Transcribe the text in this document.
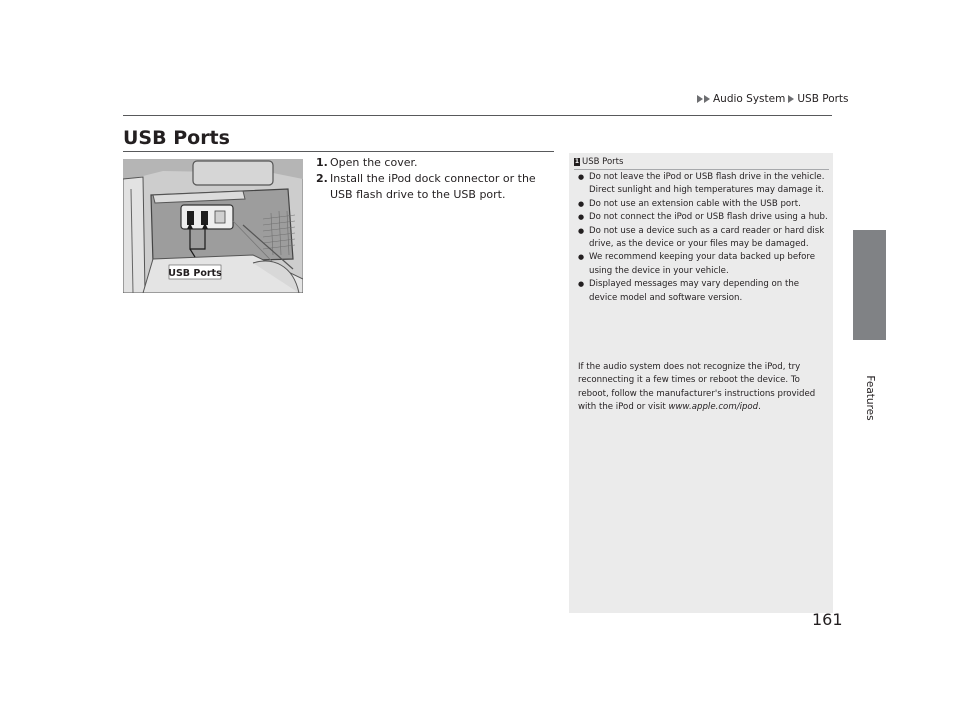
Audio System USB Ports
Features
USB Ports
USB Ports
1. Open the cover.
2. Install the iPod dock connector or the USB flash drive to the USB port.
1 USB Ports
● Do not leave the iPod or USB flash drive in the vehicle. Direct sunlight and high temperatures may damage it.
● Do not use an extension cable with the USB port.
● Do not connect the iPod or USB flash drive using a hub.
● Do not use a device such as a card reader or hard disk drive, as the device or your files may be damaged.
● We recommend keeping your data backed up before using the device in your vehicle.
● Displayed messages may vary depending on the device model and software version.
If the audio system does not recognize the iPod, try reconnecting it a few times or reboot the device. To reboot, follow the manufacturer's instructions provided with the iPod or visit www.apple.com/ipod.
161
